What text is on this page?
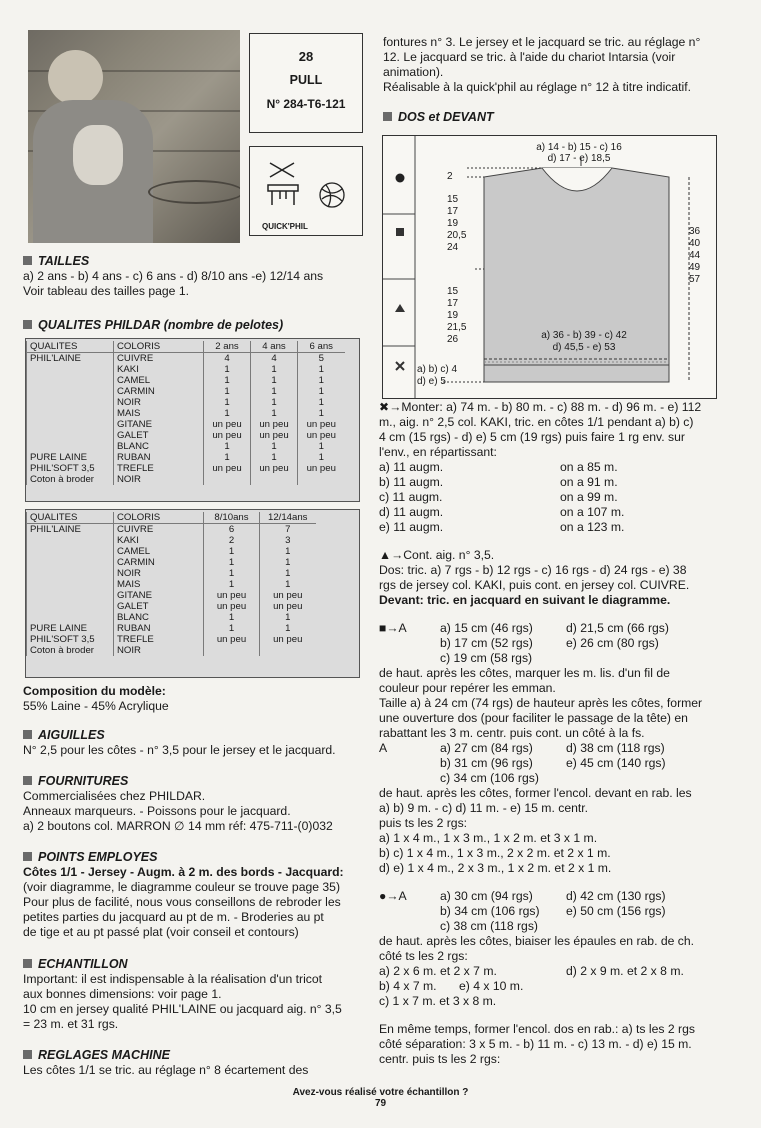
28
PULL
N° 284-T6-121
QUICK'PHIL
TAILLES
a) 2 ans - b) 4 ans - c) 6 ans - d) 8/10 ans -e) 12/14 ans
Voir tableau des tailles page 1.
QUALITES PHILDAR (nombre de pelotes)
QUALITES	COLORIS	2 ans	4 ans	6 ans
PHIL'LAINE	CUIVRE	4	4	5
	KAKI	1	1	1
	CAMEL	1	1	1
	CARMIN	1	1	1
	NOIR	1	1	1
	MAIS	1	1	1
	GITANE	un peu	un peu	un peu
	GALET	un peu	un peu	un peu
	BLANC	1	1	1
PURE LAINE	RUBAN	1	1	1
PHIL'SOFT 3,5	TREFLE	un peu	un peu	un peu
Coton à broder	NOIR			
QUALITES	COLORIS	8/10ans	12/14ans
PHIL'LAINE	CUIVRE	6	7
	KAKI	2	3
	CAMEL	1	1
	CARMIN	1	1
	NOIR	1	1
	MAIS	1	1
	GITANE	un peu	un peu
	GALET	un peu	un peu
	BLANC	1	1
PURE LAINE	RUBAN	1	1
PHIL'SOFT 3,5	TREFLE	un peu	un peu
Coton à broder	NOIR		
Composition du modèle:
55% Laine - 45% Acrylique
AIGUILLES
N° 2,5 pour les côtes - n° 3,5 pour le jersey et le jacquard.
FOURNITURES
Commercialisées chez PHILDAR.
Anneaux marqueurs. - Poissons pour le jacquard.
a) 2 boutons col. MARRON ∅ 14 mm réf: 475-711-(0)032
POINTS EMPLOYES
Côtes 1/1 - Jersey - Augm. à 2 m. des bords - Jacquard:
(voir diagramme, le diagramme couleur se trouve page 35)
Pour plus de facilité, nous vous conseillons de rebroder les
petites parties du jacquard au pt de m. - Broderies au pt
de tige et au pt passé plat (voir conseil et contours)
ECHANTILLON
Important: il est indispensable à la réalisation d'un tricot
aux bonnes dimensions: voir page 1.
10 cm en jersey qualité PHIL'LAINE ou jacquard aig. n° 3,5
= 23 m. et 31 rgs.
REGLAGES MACHINE
Les côtes 1/1 se tric. au réglage n° 8 écartement des
fontures n° 3. Le jersey et le jacquard se tric. au réglage n°
12. Le jacquard se tric. à l'aide du chariot Intarsia (voir
animation).
Réalisable à la quick'phil au réglage n° 12 à titre indicatif.
DOS et DEVANT
a) 14 - b) 15 - c) 16
d) 17 - e) 18,5
2
15
17
19
20,5
24
15
17
19
21,5
26
36
40
44
49
57
a) 36 - b) 39 - c) 42
d) 45,5 - e) 53
a) b) c) 4
d) e) 5
✖→Monter: a) 74 m. - b) 80 m. - c) 88 m. - d) 96 m. - e) 112
m., aig. n° 2,5 col. KAKI, tric. en côtes 1/1 pendant a) b) c)
4 cm (15 rgs) - d) e) 5 cm (19 rgs) puis faire 1 rg env. sur
l'env., en répartissant:
a) 11 augm.	on a 85 m.
b) 11 augm.	on a 91 m.
c) 11 augm.	on a 99 m.
d) 11 augm.	on a 107 m.
e) 11 augm.	on a 123 m.
▲→Cont. aig. n° 3,5.
Dos: tric. a) 7 rgs - b) 12 rgs - c) 16 rgs - d) 24 rgs - e) 38
rgs de jersey col. KAKI, puis cont. en jersey col. CUIVRE.
Devant: tric. en jacquard en suivant le diagramme.
■→A	a) 15 cm (46 rgs)	d) 21,5 cm (66 rgs)
b) 17 cm (52 rgs)	e) 26 cm (80 rgs)
c) 19 cm (58 rgs)
de haut. après les côtes, marquer les m. lis. d'un fil de
couleur pour repérer les emman.
Taille a) à 24 cm (74 rgs) de hauteur après les côtes, former
une ouverture dos (pour faciliter le passage de la tête) en
rabattant les 3 m. centr. puis cont. un côté à la fs.
A	a) 27 cm (84 rgs)	d) 38 cm (118 rgs)
b) 31 cm (96 rgs)	e) 45 cm (140 rgs)
c) 34 cm (106 rgs)
de haut. après les côtes, former l'encol. devant en rab. les
a) b) 9 m. - c) d) 11 m. - e) 15 m. centr.
puis ts les 2 rgs:
a) 1 x 4 m., 1 x 3 m., 1 x 2 m. et 3 x 1 m.
b) c) 1 x 4 m., 1 x 3 m., 2 x 2 m. et 2 x 1 m.
d) e) 1 x 4 m., 2 x 3 m., 1 x 2 m. et 2 x 1 m.
●→A	a) 30 cm (94 rgs)	d) 42 cm (130 rgs)
b) 34 cm (106 rgs) e) 50 cm (156 rgs)
c) 38 cm (118 rgs)
de haut. après les côtes, biaiser les épaules en rab. de ch.
côté ts les 2 rgs:
a) 2 x 6 m. et 2 x 7 m.	d) 2 x 9 m. et 2 x 8 m.
b) 4 x 7 m. e) 4 x 10 m.
c) 1 x 7 m. et 3 x 8 m.
En même temps, former l'encol. dos en rab.: a) ts les 2 rgs
côté séparation: 3 x 5 m. - b) 11 m. - c) 13 m. - d) e) 15 m.
centr. puis ts les 2 rgs:
Avez-vous réalisé votre échantillon ?
79
